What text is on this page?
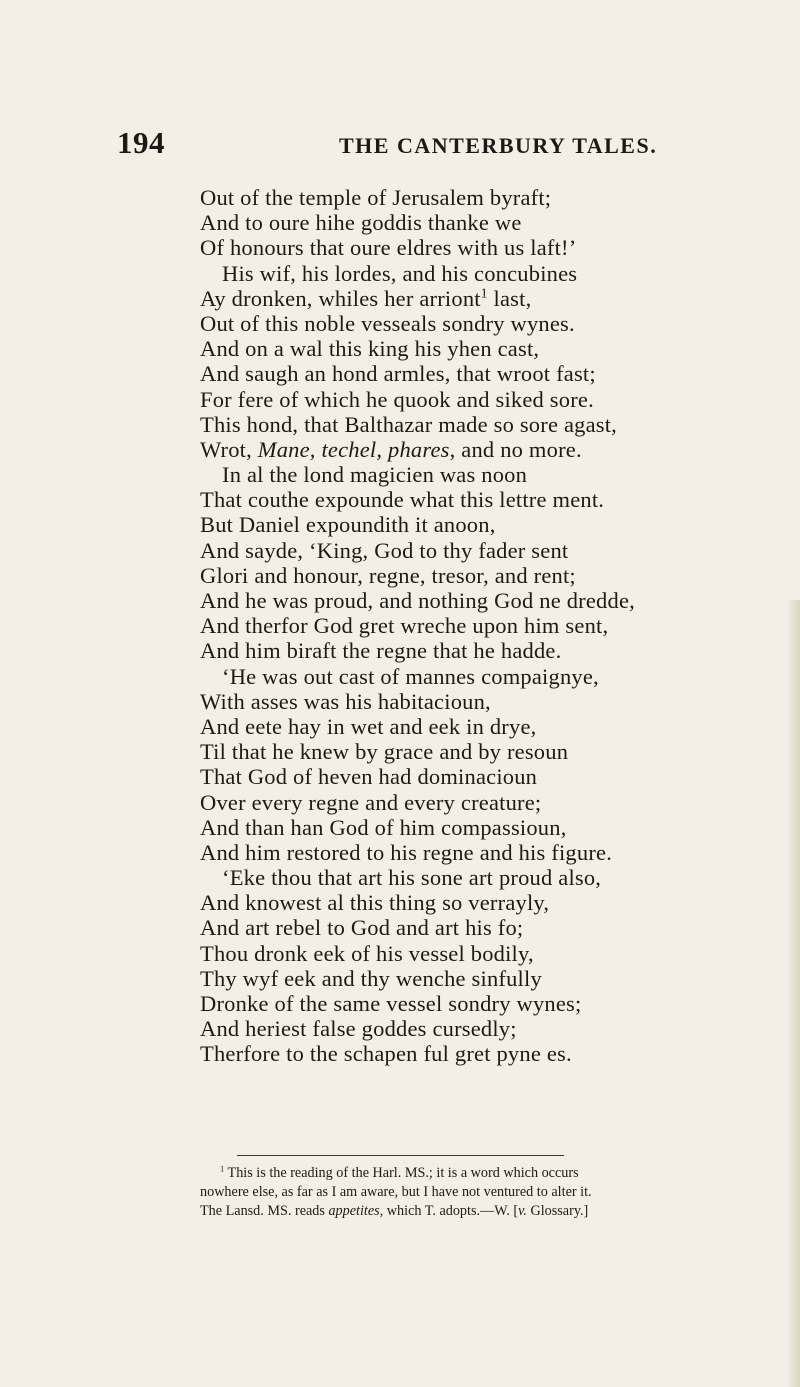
194	THE CANTERBURY TALES.
Out of the temple of Jerusalem byraft;
And to oure hihe goddis thanke we
Of honours that oure eldres with us laft!’
His wif, his lordes, and his concubines
Ay dronken, whiles her arriont$^1$ last,
Out of this noble vesseals sondry wynes.
And on a wal this king his yhen cast,
And saugh an hond armles, that wroot fast;
For fere of which he quook and siked sore.
This hond, that Balthazar made so sore agast,
Wrot, Mane, techel, phares, and no more.
In al the lond magicien was noon
That couthe expounde what this lettre ment.
But Daniel expoundith it anoon,
And sayde, ‘King, God to thy fader sent
Glori and honour, regne, tresor, and rent;
And he was proud, and nothing God ne dredde,
And therfor God gret wreche upon him sent,
And him biraft the regne that he hadde.
‘He was out cast of mannes compaignye,
With asses was his habitacioun,
And eete hay in wet and eek in drye,
Til that he knew by grace and by resoun
That God of heven had dominacioun
Over every regne and every creature;
And than han God of him compassioun,
And him restored to his regne and his figure.
‘Eke thou that art his sone art proud also,
And knowest al this thing so verrayly,
And art rebel to God and art his fo;
Thou dronk eek of his vessel bodily,
Thy wyf eek and thy wenche sinfully
Dronke of the same vessel sondry wynes;
And heriest false goddes cursedly;
Therfore to the schapen ful gret pyne es.
$^1$ This is the reading of the Harl. MS.; it is a word which occurs
nowhere else, as far as I am aware, but I have not ventured to alter it.
The Lansd. MS. reads appetites, which T. adopts.—W. [v. Glossary.]
